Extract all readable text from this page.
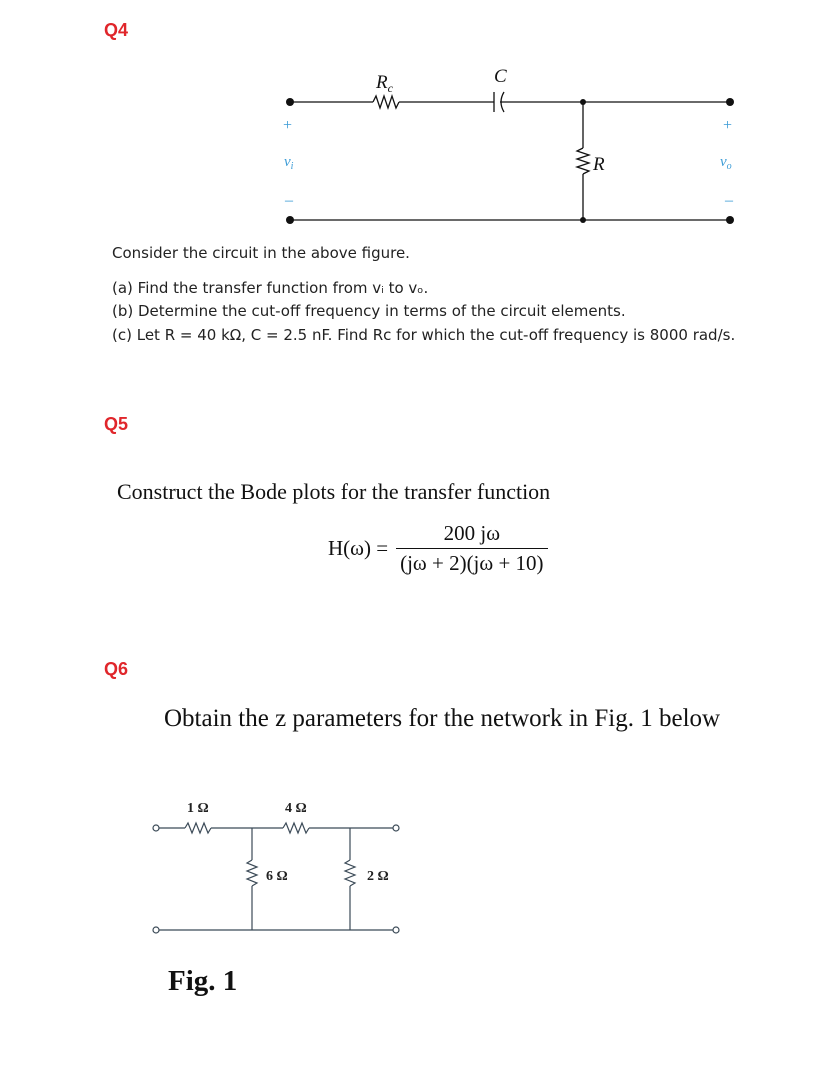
Q4
$R_c$
C
R
+
$v_i$
–
+
$v_o$
–
Consider the circuit in the above figure.
(a) Find the transfer function from vᵢ to vₒ.
(b) Determine the cut-off frequency in terms of the circuit elements.
(c) Let R = 40 kΩ, C = 2.5 nF. Find Rᴄ for which the cut-off frequency is 8000 rad/s.
Q5
Construct the Bode plots for the transfer function
$H(\omega) = \frac{200 j\omega}{(j\omega + 2)(j\omega + 10)}$
Q6
Obtain the z parameters for the network in Fig. 1 below
1 Ω	4 Ω
6 Ω	2 Ω
Fig. 1
